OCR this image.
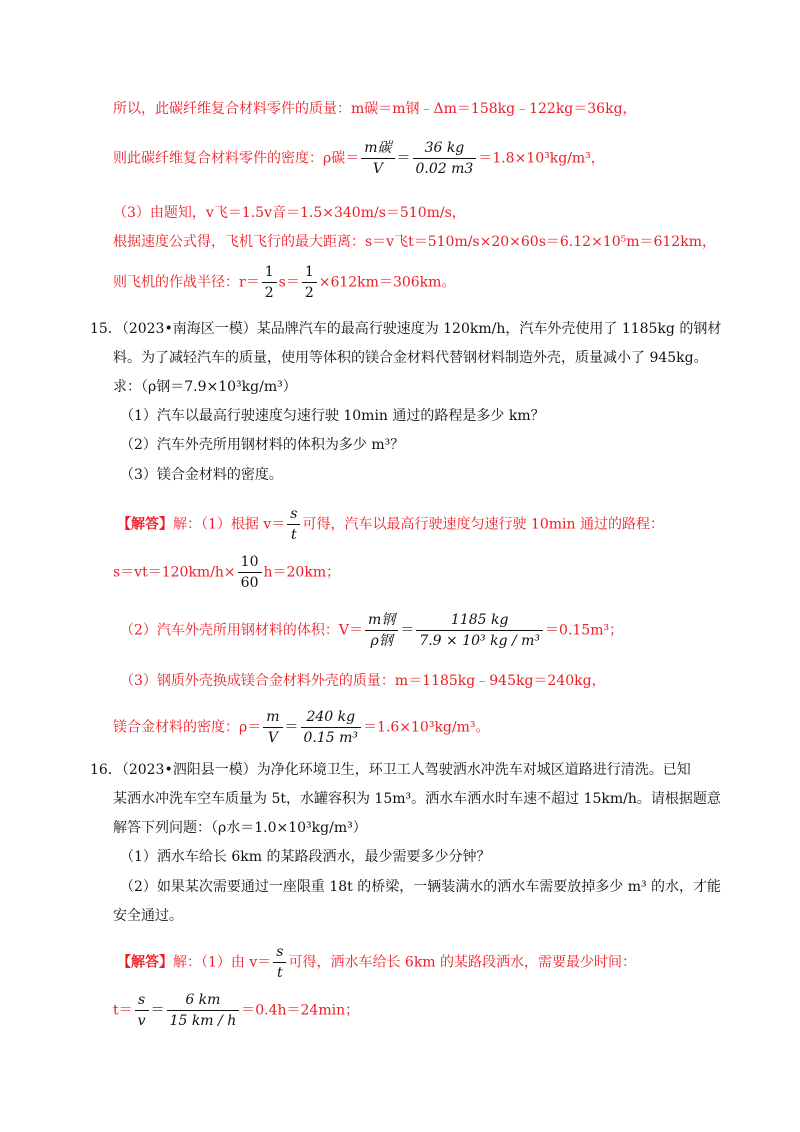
所以，此碳纤维复合材料零件的质量：m碳＝m钢﹣Δm＝158kg﹣122kg＝36kg，
则此碳纤维复合材料零件的密度：ρ碳＝ $\frac{\text{m碳}}{V} = \frac{36 kg}{0.02 m3} =1.8\times 10^3kg/m^3$，
（3）由题知，v飞＝1.5v音＝1.5×340m/s＝510m/s，
根据速度公式得，飞机飞行的最大距离：s＝v飞t＝510m/s×20×60s＝6.12×10⁵m＝612km，
则飞机的作战半径：$r= \frac{1}{2} s= \frac{1}{2} \times 612km=306km$。
15．（2023•南海区一模）某品牌汽车的最高行驶速度为 120km/h，汽车外壳使用了 1185kg 的钢材
料。为了减轻汽车的质量，使用等体积的镁合金材料代替钢材料制造外壳，质量减小了 945kg。
求：（ρ钢＝7.9×10³kg/m³）
（1）汽车以最高行驶速度匀速行驶 10min 通过的路程是多少 km？
（2）汽车外壳所用钢材料的体积为多少 m³？
（3）镁合金材料的密度。
【解答】解：（1）根据 $v= \frac{s}{t}$ 可得，汽车以最高行驶速度匀速行驶 10min 通过的路程：
$s=vt=120km/h\times \frac{10}{60} h=20km$；
（2）汽车外壳所用钢材料的体积：$V= \frac{\text{m钢}}{\text{ρ钢}} = \frac{1185 kg}{\text{7.9 × 10³ kg / m³}} =0.15m^3$；
（3）钢质外壳换成镁合金材料外壳的质量：m＝1185kg﹣945kg＝240kg，
镁合金材料的密度：$\rho= \frac{m}{V} = \frac{240 kg}{\text{0.15 m³}} =1.6\times 10^3kg/m^3$。
16．（2023•泗阳县一模）为净化环境卫生，环卫工人驾驶洒水冲洗车对城区道路进行清洗。已知
某洒水冲洗车空车质量为 5t，水罐容积为 15m³。洒水车洒水时车速不超过 15km/h。请根据题意
解答下列问题：（ρ水＝1.0×10³kg/m³）
（1）洒水车给长 6km 的某路段洒水，最少需要多少分钟？
（2）如果某次需要通过一座限重 18t 的桥梁，一辆装满水的洒水车需要放掉多少 m³ 的水，才能
安全通过。
【解答】解：（1）由 $v= \frac{s}{t}$ 可得，洒水车给长 6km 的某路段洒水，需要最少时间：
$t= \frac{s}{v} = \frac{6 km}{15 km / h} =0.4h=24\min$；
